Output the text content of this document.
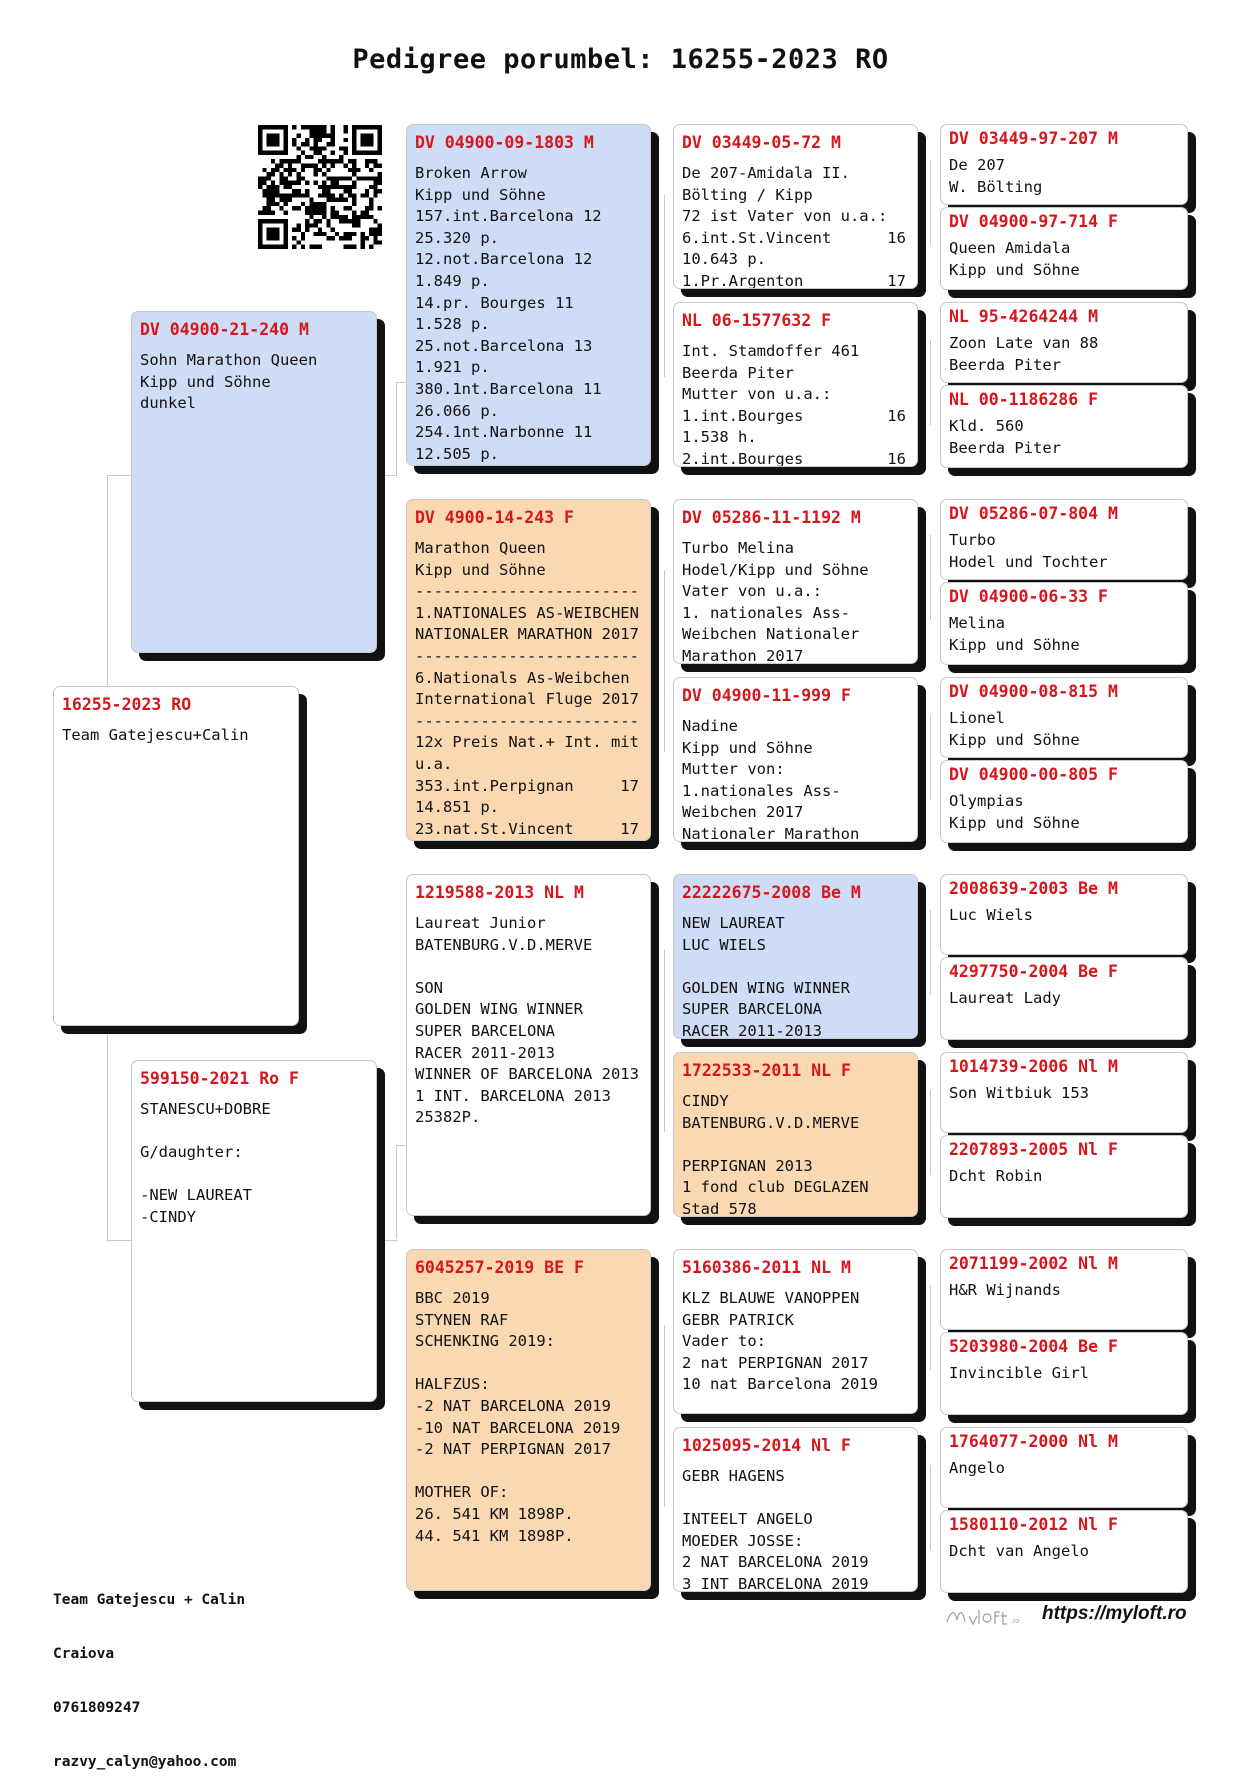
Pedigree porumbel: 16255-2023 RO
16255-2023 RO
Team Gatejescu+Calin
DV 04900-21-240 M
Sohn Marathon Queen
Kipp und Söhne
dunkel
599150-2021 Ro F
STANESCU+DOBRE

G/daughter:

-NEW LAUREAT
-CINDY
DV 04900-09-1803 M
Broken Arrow
Kipp und Söhne
157.int.Barcelona 12
25.320 p.
12.not.Barcelona 12
1.849 p.
14.pr. Bourges 11
1.528 p.
25.not.Barcelona 13
1.921 p.
380.1nt.Barcelona 11
26.066 p.
254.1nt.Narbonne 11
12.505 p.
DV 4900-14-243 F
Marathon Queen
Kipp und Söhne
------------------------
1.NATIONALES AS-WEIBCHEN
NATIONALER MARATHON 2017
------------------------
6.Nationals As-Weibchen
International Fluge 2017
------------------------
12x Preis Nat.+ Int. mit
u.a.
353.int.Perpignan     17
14.851 p.
23.nat.St.Vincent     17
1219588-2013 NL M
Laureat Junior
BATENBURG.V.D.MERVE

SON
GOLDEN WING WINNER
SUPER BARCELONA
RACER 2011-2013
WINNER OF BARCELONA 2013
1 INT. BARCELONA 2013
25382P.
6045257-2019 BE F
BBC 2019
STYNEN RAF
SCHENKING 2019:

HALFZUS:
-2 NAT BARCELONA 2019
-10 NAT BARCELONA 2019
-2 NAT PERPIGNAN 2017

MOTHER OF:
26. 541 KM 1898P.
44. 541 KM 1898P.
DV 03449-05-72 M
De 207-Amidala II.
Bölting / Kipp
72 ist Vater von u.a.:
6.int.St.Vincent      16
10.643 p.
1.Pr.Argenton         17
NL 06-1577632 F
Int. Stamdoffer 461
Beerda Piter
Mutter von u.a.:
1.int.Bourges         16
1.538 h.
2.int.Bourges         16
DV 05286-11-1192 M
Turbo Melina
Hodel/Kipp und Söhne
Vater von u.a.:
1. nationales Ass-
Weibchen Nationaler
Marathon 2017
DV 04900-11-999 F
Nadine
Kipp und Söhne
Mutter von:
1.nationales Ass-
Weibchen 2017
Nationaler Marathon
22222675-2008 Be M
NEW LAUREAT
LUC WIELS

GOLDEN WING WINNER
SUPER BARCELONA
RACER 2011-2013
1722533-2011 NL F
CINDY
BATENBURG.V.D.MERVE

PERPIGNAN 2013
1 fond club DEGLAZEN
Stad 578
5160386-2011 NL M
KLZ BLAUWE VANOPPEN
GEBR PATRICK
Vader to:
2 nat PERPIGNAN 2017
10 nat Barcelona 2019
1025095-2014 Nl F
GEBR HAGENS

INTEELT ANGELO
MOEDER JOSSE:
2 NAT BARCELONA 2019
3 INT BARCELONA 2019
DV 03449-97-207 M
De 207
W. Bölting
DV 04900-97-714 F
Queen Amidala
Kipp und Söhne
NL 95-4264244 M
Zoon Late van 88
Beerda Piter
NL 00-1186286 F
Kld. 560
Beerda Piter
DV 05286-07-804 M
Turbo
Hodel und Tochter
DV 04900-06-33 F
Melina
Kipp und Söhne
DV 04900-08-815 M
Lionel
Kipp und Söhne
DV 04900-00-805 F
Olympias
Kipp und Söhne
2008639-2003 Be M
Luc Wiels
4297750-2004 Be F
Laureat Lady
1014739-2006 Nl M
Son Witbiuk 153
2207893-2005 Nl F
Dcht Robin
2071199-2002 Nl M
H&R Wijnands
5203980-2004 Be F
Invincible Girl
1764077-2000 Nl M
Angelo
1580110-2012 Nl F
Dcht van Angelo

Team Gatejescu + Calin

Craiova

0761809247

razvy_calyn@yahoo.com

.ro https://myloft.ro
